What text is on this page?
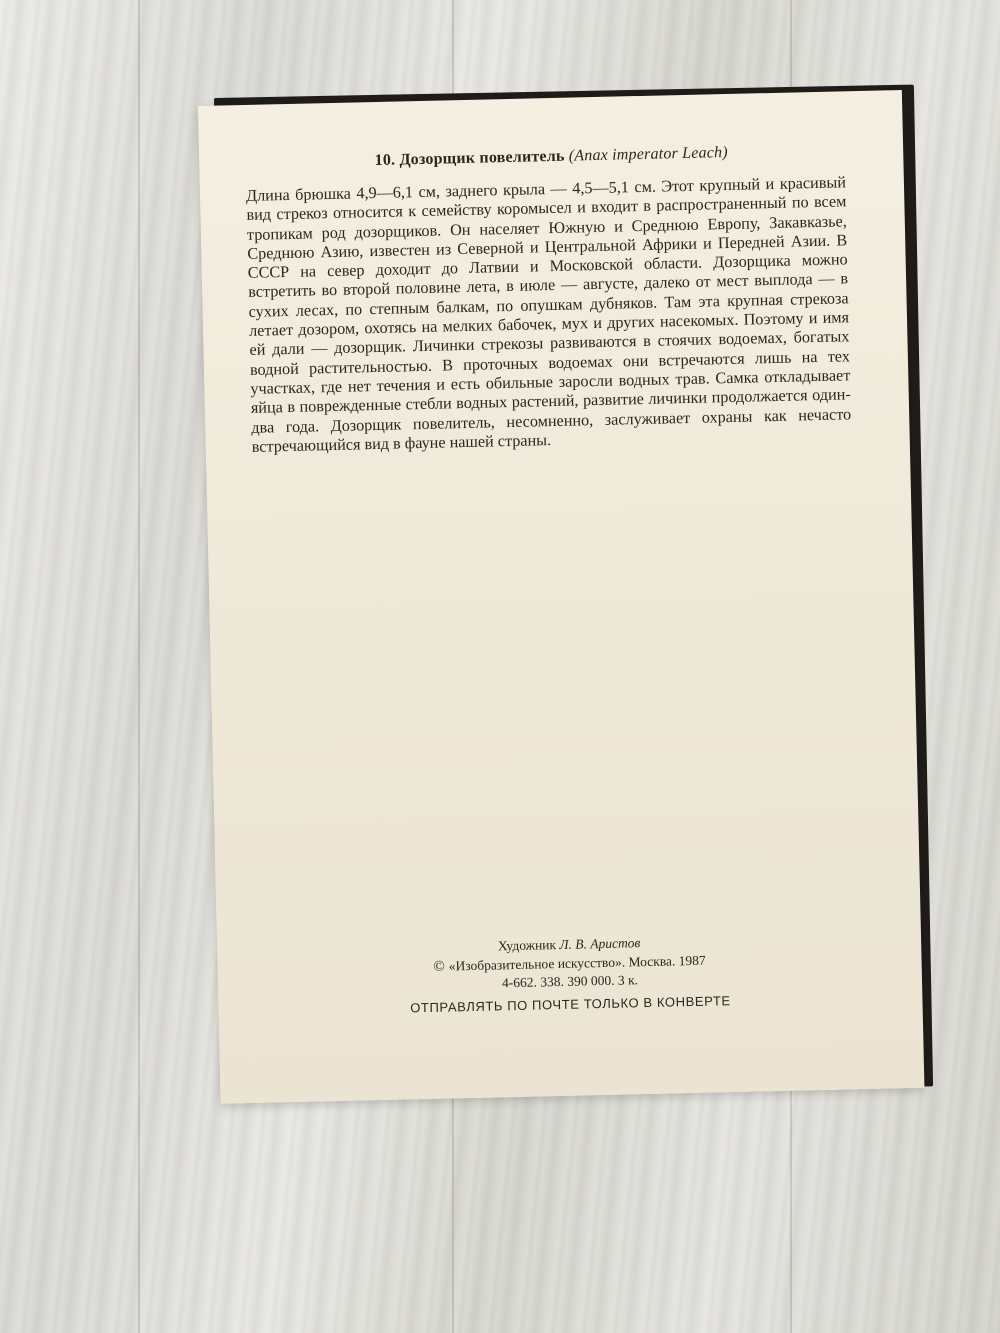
10. Дозорщик повелитель (Anax imperator Leach)

Длина брюшка 4,9—6,1 см, заднего крыла — 4,5—5,1 см. Этот крупный и красивый вид стрекоз относится к семейству коромысел и входит в распространенный по всем тропикам род дозорщиков. Он населяет Южную и Среднюю Европу, Закавказье, Среднюю Азию, известен из Северной и Центральной Африки и Передней Азии. В СССР на север доходит до Латвии и Московской области. Дозорщика можно встретить во второй половине лета, в июле — августе, далеко от мест выплода — в сухих лесах, по степным балкам, по опушкам дубняков. Там эта крупная стрекоза летает дозором, охотясь на мелких бабочек, мух и других насекомых. Поэтому и имя ей дали — дозорщик. Личинки стрекозы развиваются в стоячих водоемах, богатых водной растительностью. В проточных водоемах они встречаются лишь на тех участках, где нет течения и есть обильные заросли водных трав. Самка откладывает яйца в поврежденные стебли водных растений, развитие личинки продолжается один-два года. Дозорщик повелитель, несомненно, заслуживает охраны как нечасто встречающийся вид в фауне нашей страны.

Художник Л. В. Аристов
© «Изобразительное искусство». Москва. 1987
4-662. 338. 390 000. 3 к.
ОТПРАВЛЯТЬ ПО ПОЧТЕ ТОЛЬКО В КОНВЕРТЕ
